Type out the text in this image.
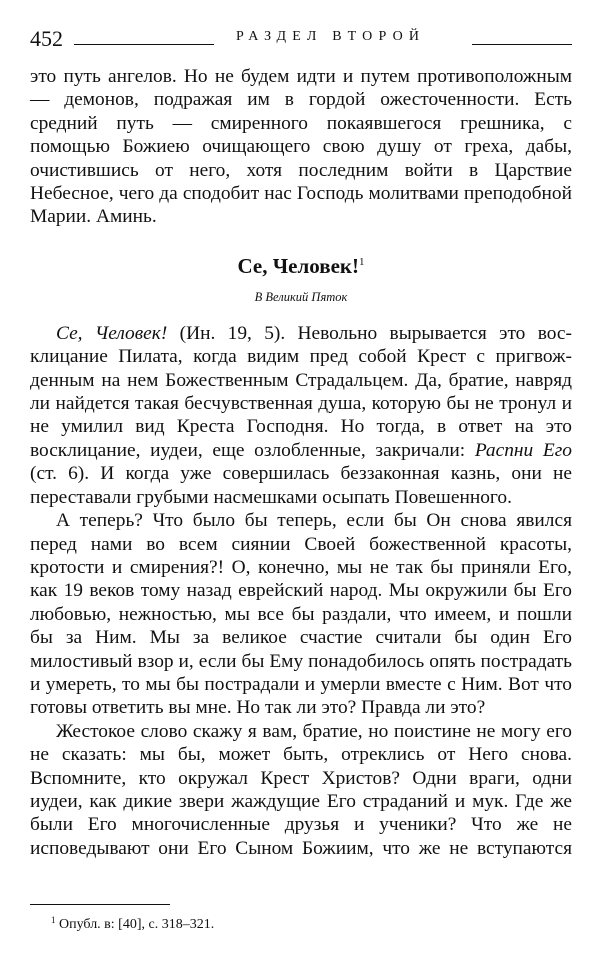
452	РАЗДЕЛ ВТОРОЙ

это путь ангелов. Но не будем идти и путем противоположным — демонов, подражая им в гордой ожесточенности. Есть средний путь — смиренного покаявшегося грешника, с помощью Божиею очищающего свою душу от греха, дабы, очистившись от него, хотя последним войти в Царствие Небесное, чего да сподобит нас Господь молитвами преподобной Марии. Аминь.

Се, Человек!$^1$
В Великий Пяток

Се, Человек! (Ин. 19, 5). Невольно вырывается это восклицание Пилата, когда видим пред собой Крест с пригвожденным на нем Божественным Страдальцем. Да, братие, навряд ли найдется такая бесчувственная душа, которую бы не тронул и не умилил вид Креста Господня. Но тогда, в ответ на это восклицание, иудеи, еще озлобленные, закричали: Распни Его (ст. 6). И когда уже совершилась беззаконная казнь, они не переставали грубыми насмешками осыпать Повешенного.

А теперь? Что было бы теперь, если бы Он снова явился перед нами во всем сиянии Своей божественной красоты, кротости и смирения?! О, конечно, мы не так бы приняли Его, как 19 веков тому назад еврейский народ. Мы окружили бы Его любовью, нежностью, мы все бы раздали, что имеем, и пошли бы за Ним. Мы за великое счастие считали бы один Его милостивый взор и, если бы Ему понадобилось опять пострадать и умереть, то мы бы пострадали и умерли вместе с Ним. Вот что готовы ответить вы мне. Но так ли это? Правда ли это?

Жестокое слово скажу я вам, братие, но поистине не могу его не сказать: мы бы, может быть, отреклись от Него снова. Вспомните, кто окружал Крест Христов? Одни враги, одни иудеи, как дикие звери жаждущие Его страданий и мук. Где же были Его многочисленные друзья и ученики? Что же не исповедывают они Его Сыном Божиим, что же не вступаются

$^1$ Опубл. в: [40], с. 318–321.
